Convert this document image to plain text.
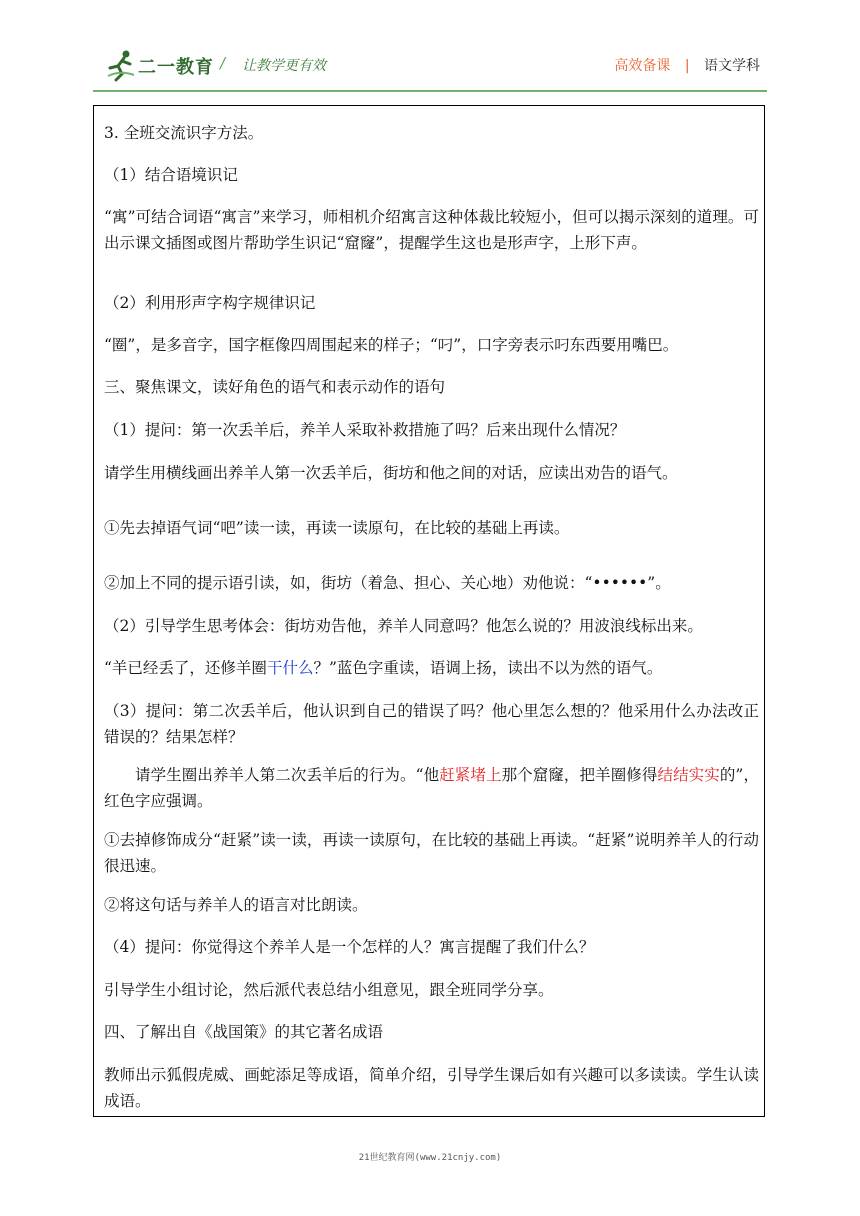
二一教育 / 让教学更有效	高效备课 | 语文学科

3. 全班交流识字方法。

（1）结合语境识记

“寓”可结合词语“寓言”来学习，师相机介绍寓言这种体裁比较短小，但可以揭示深刻的道理。可出示课文插图或图片帮助学生识记“窟窿”，提醒学生这也是形声字，上形下声。

（2）利用形声字构字规律识记

“圈”，是多音字，国字框像四周围起来的样子；“叼”，口字旁表示叼东西要用嘴巴。

三、聚焦课文，读好角色的语气和表示动作的语句

（1）提问：第一次丢羊后，养羊人采取补救措施了吗？后来出现什么情况？

请学生用横线画出养羊人第一次丢羊后，街坊和他之间的对话，应读出劝告的语气。

①先去掉语气词“吧”读一读，再读一读原句，在比较的基础上再读。

②加上不同的提示语引读，如，街坊（着急、担心、关心地）劝他说：“••••••”。

（2）引导学生思考体会：街坊劝告他，养羊人同意吗？他怎么说的？用波浪线标出来。

“羊已经丢了，还修羊圈干什么？”蓝色字重读，语调上扬，读出不以为然的语气。

（3）提问：第二次丢羊后，他认识到自己的错误了吗？他心里怎么想的？他采用什么办法改正错误的？结果怎样？

请学生圈出养羊人第二次丢羊后的行为。“他赶紧堵上那个窟窿，把羊圈修得结结实实的”，红色字应强调。

①去掉修饰成分“赶紧”读一读，再读一读原句，在比较的基础上再读。“赶紧”说明养羊人的行动很迅速。

②将这句话与养羊人的语言对比朗读。

（4）提问：你觉得这个养羊人是一个怎样的人？寓言提醒了我们什么？

引导学生小组讨论，然后派代表总结小组意见，跟全班同学分享。

四、了解出自《战国策》的其它著名成语

教师出示狐假虎威、画蛇添足等成语，简单介绍，引导学生课后如有兴趣可以多读读。学生认读成语。

21世纪教育网(www.21cnjy.com)
